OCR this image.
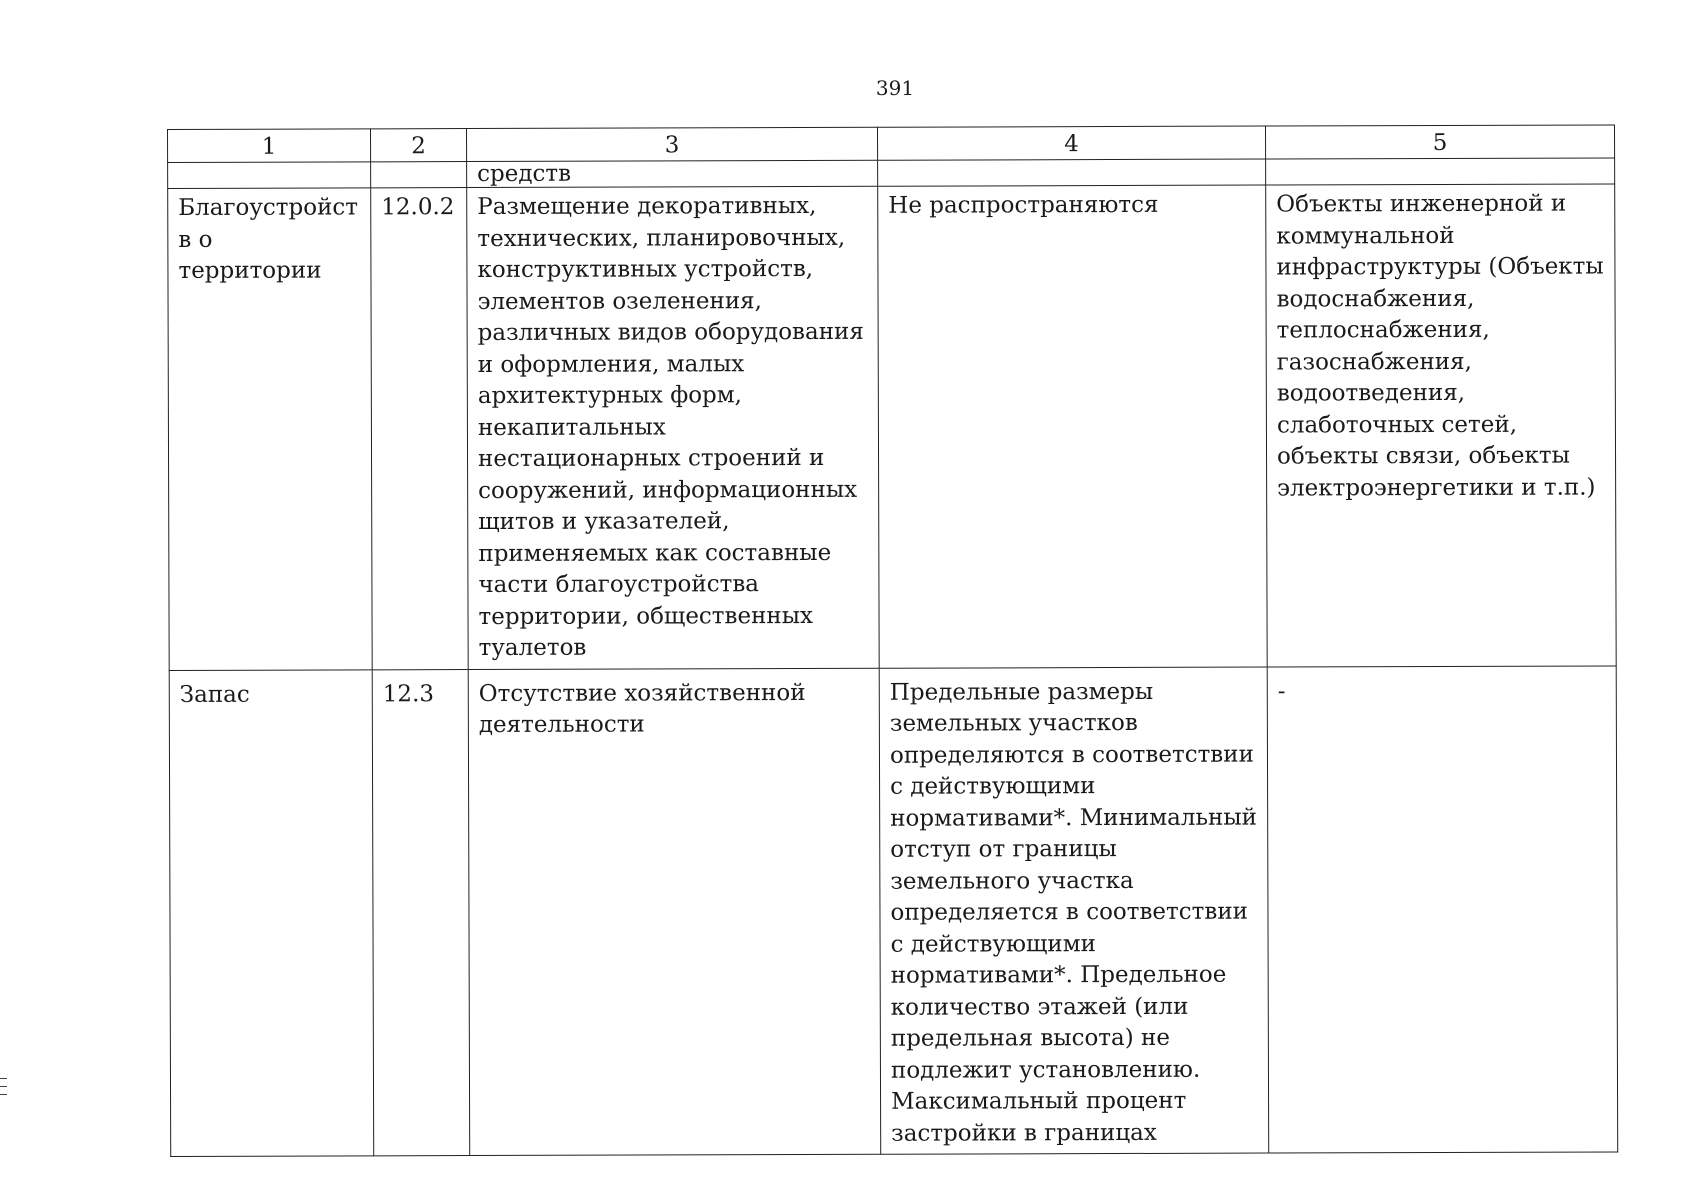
391
1	2	3	4	5
		средств		
Благоустройств о территории	12.0.2	Размещение декоративных, технических, планировочных, конструктивных устройств, элементов озеленения, различных видов оборудования и оформления, малых архитектурных форм, некапитальных нестационарных строений и сооружений, информационных щитов и указателей, применяемых как составные части благоустройства территории, общественных туалетов	Не распространяются	Объекты инженерной и коммунальной инфраструктуры (Объекты водоснабжения, теплоснабжения, газоснабжения, водоотведения, слаботочных сетей, объекты связи, объекты электроэнергетики и т.п.)
Запас	12.3	Отсутствие хозяйственной деятельности	Предельные размеры земельных участков определяются в соответствии с действующими нормативами*. Минимальный отступ от границы земельного участка определяется в соответствии с действующими нормативами*. Предельное количество этажей (или предельная высота) не подлежит установлению. Максимальный процент застройки в границах	-
